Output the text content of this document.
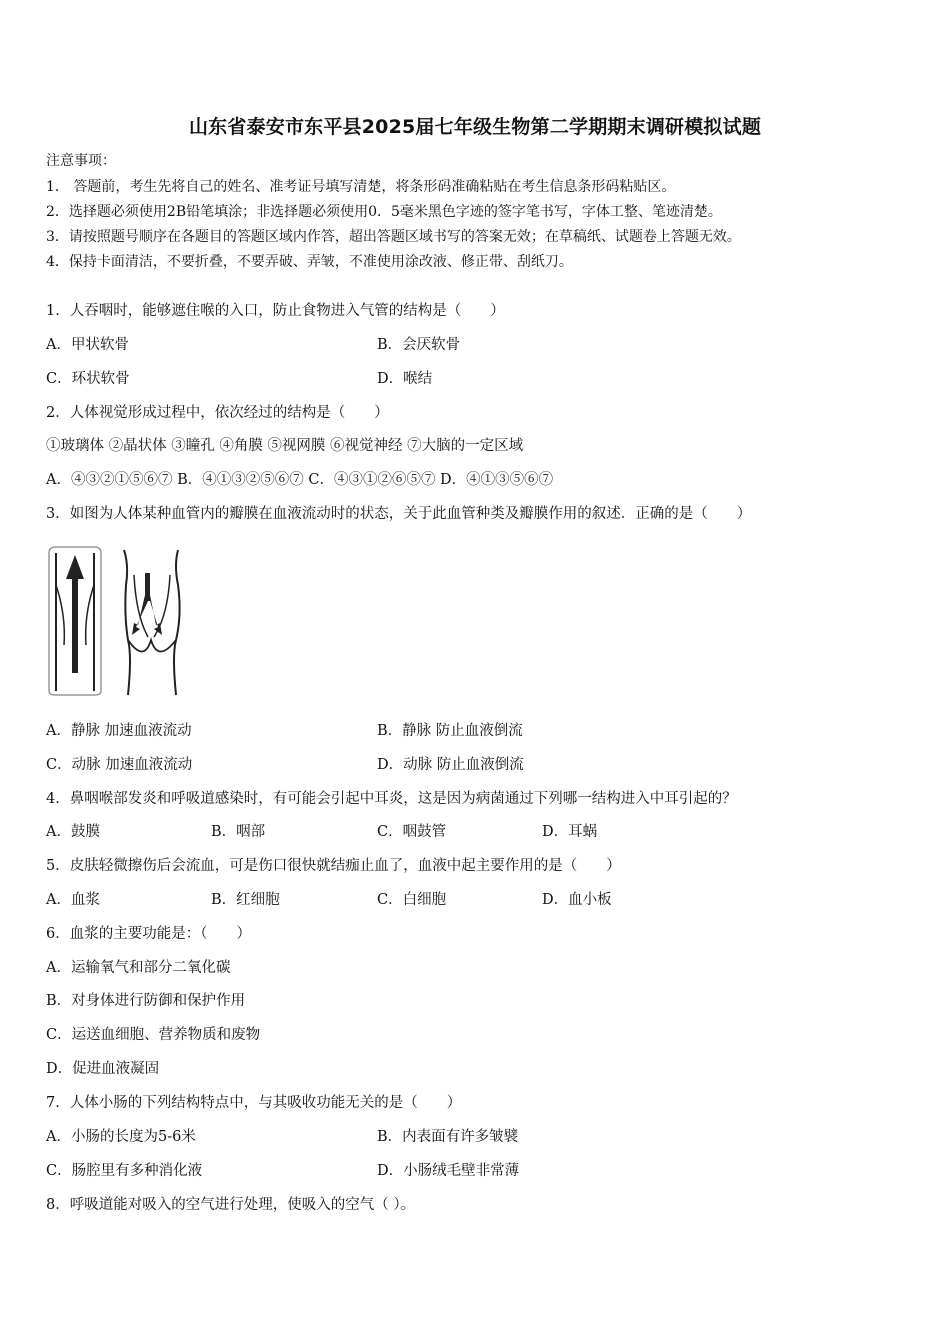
山东省泰安市东平县2025届七年级生物第二学期期末调研模拟试题
注意事项：
1． 答题前，考生先将自己的姓名、准考证号填写清楚，将条形码准确粘贴在考生信息条形码粘贴区。
2．选择题必须使用2B铅笔填涂；非选择题必须使用0．5毫米黑色字迹的签字笔书写，字体工整、笔迹清楚。
3．请按照题号顺序在各题目的答题区域内作答，超出答题区域书写的答案无效；在草稿纸、试题卷上答题无效。
4．保持卡面清洁，不要折叠，不要弄破、弄皱，不准使用涂改液、修正带、刮纸刀。
1．人吞咽时，能够遮住喉的入口，防止食物进入气管的结构是（　　）
A．甲状软骨	B．会厌软骨
C．环状软骨	D．喉结
2．人体视觉形成过程中，依次经过的结构是（　　）
①玻璃体 ②晶状体 ③瞳孔 ④角膜 ⑤视网膜 ⑥视觉神经 ⑦大脑的一定区域
A．④③②①⑤⑥⑦ B．④①③②⑤⑥⑦ C．④③①②⑥⑤⑦ D．④①③⑤⑥⑦
3．如图为人体某种血管内的瓣膜在血液流动时的状态，关于此血管种类及瓣膜作用的叙述．正确的是（　　）
A．静脉 加速血液流动	B．静脉 防止血液倒流
C．动脉 加速血液流动	D．动脉 防止血液倒流
4．鼻咽喉部发炎和呼吸道感染时，有可能会引起中耳炎，这是因为病菌通过下列哪一结构进入中耳引起的？
A．鼓膜	B．咽部	C．咽鼓管	D．耳蜗
5．皮肤轻微擦伤后会流血，可是伤口很快就结痂止血了，血液中起主要作用的是（　　）
A．血浆	B．红细胞	C．白细胞	D．血小板
6．血浆的主要功能是：（　　）
A．运输氧气和部分二氧化碳
B．对身体进行防御和保护作用
C．运送血细胞、营养物质和废物
D．促进血液凝固
7．人体小肠的下列结构特点中，与其吸收功能无关的是（　　）
A．小肠的长度为5-6米	B．内表面有许多皱襞
C．肠腔里有多种消化液	D．小肠绒毛壁非常薄
8．呼吸道能对吸入的空气进行处理，使吸入的空气（ ）。
